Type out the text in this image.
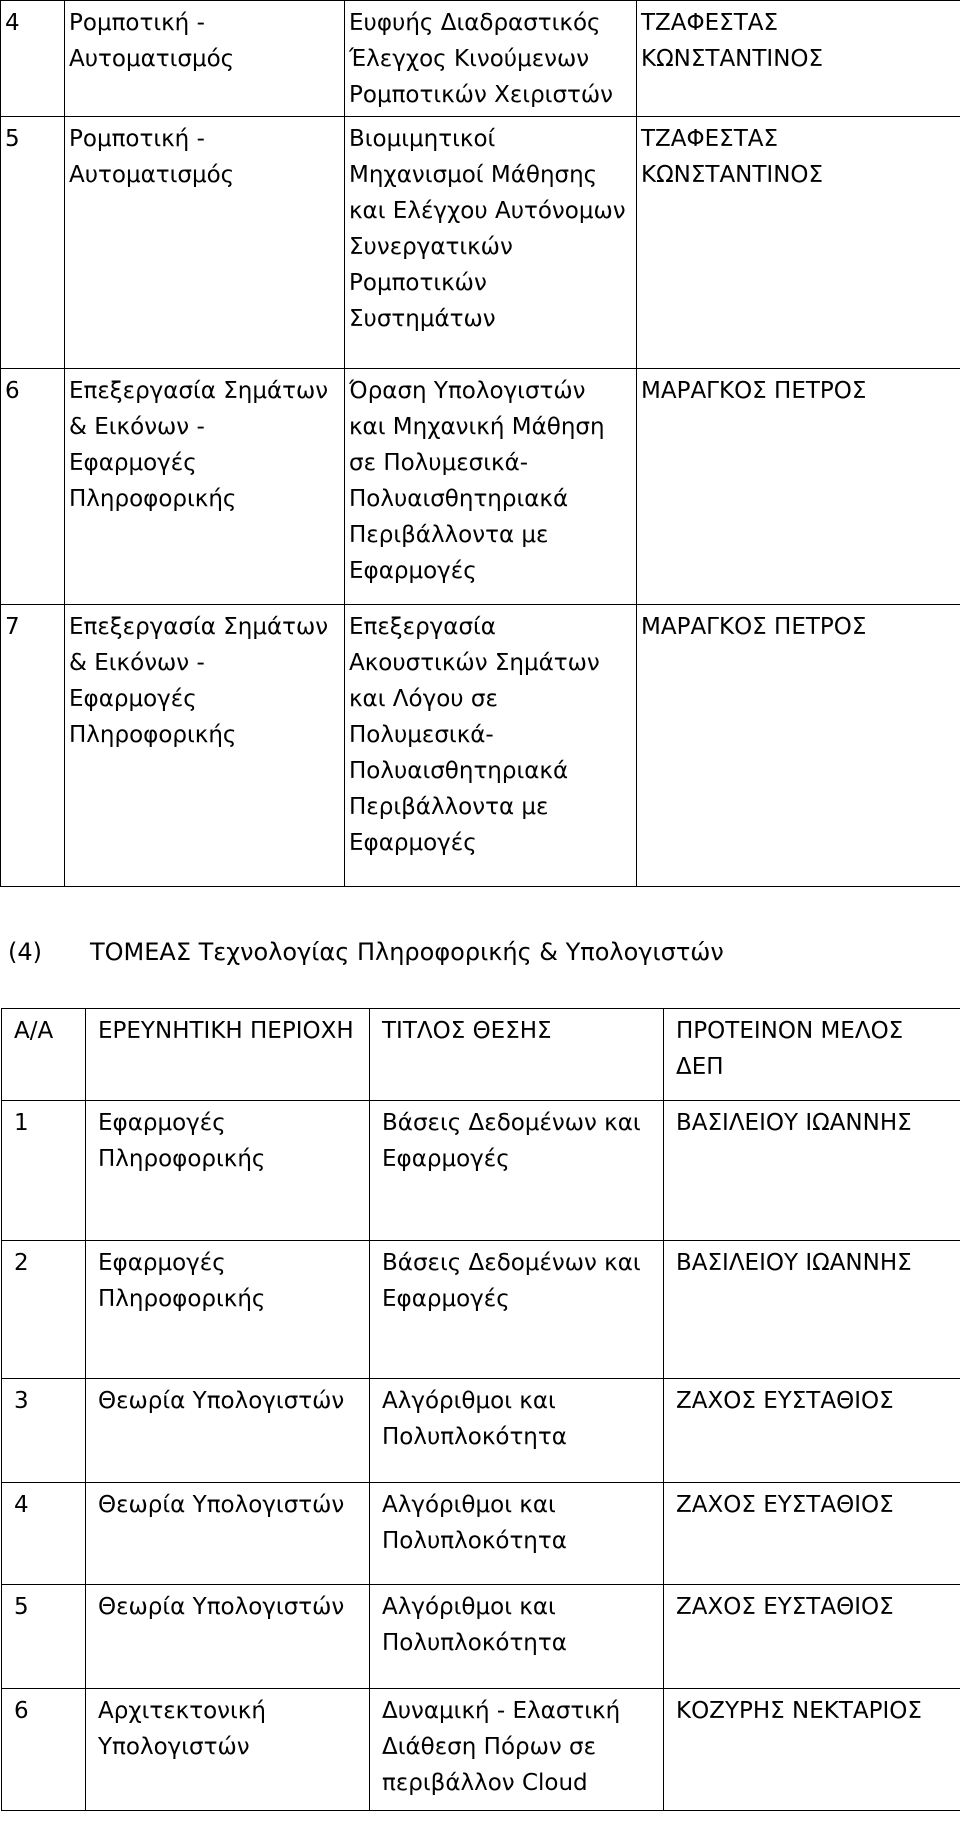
4	Ρομποτική - Αυτοματισμός	Ευφυής Διαδραστικός Έλεγχος Κινούμενων Ρομποτικών Χειριστών	ΤΖΑΦΕΣΤΑΣ ΚΩΝΣΤΑΝΤΙΝΟΣ
5	Ρομποτική - Αυτοματισμός	Βιομιμητικοί Μηχανισμοί Μάθησης και Ελέγχου Αυτόνομων Συνεργατικών Ρομποτικών Συστημάτων	ΤΖΑΦΕΣΤΑΣ ΚΩΝΣΤΑΝΤΙΝΟΣ
6	Επεξεργασία Σημάτων & Εικόνων - Εφαρμογές Πληροφορικής	Όραση Υπολογιστών και Μηχανική Μάθηση σε Πολυμεσικά-Πολυαισθητηριακά Περιβάλλοντα με Εφαρμογές	ΜΑΡΑΓΚΟΣ ΠΕΤΡΟΣ
7	Επεξεργασία Σημάτων & Εικόνων - Εφαρμογές Πληροφορικής	Επεξεργασία Ακουστικών Σημάτων και Λόγου σε Πολυμεσικά-Πολυαισθητηριακά Περιβάλλοντα με Εφαρμογές	ΜΑΡΑΓΚΟΣ ΠΕΤΡΟΣ
(4) ΤΟΜΕΑΣ Τεχνολογίας Πληροφορικής & Υπολογιστών
Α/Α	ΕΡΕΥΝΗΤΙΚΗ ΠΕΡΙΟΧΗ	ΤΙΤΛΟΣ ΘΕΣΗΣ	ΠΡΟΤΕΙΝΟΝ ΜΕΛΟΣ ΔΕΠ
1	Εφαρμογές Πληροφορικής	Βάσεις Δεδομένων και Εφαρμογές	ΒΑΣΙΛΕΙΟΥ ΙΩΑΝΝΗΣ
2	Εφαρμογές Πληροφορικής	Βάσεις Δεδομένων και Εφαρμογές	ΒΑΣΙΛΕΙΟΥ ΙΩΑΝΝΗΣ
3	Θεωρία Υπολογιστών	Αλγόριθμοι και Πολυπλοκότητα	ΖΑΧΟΣ ΕΥΣΤΑΘΙΟΣ
4	Θεωρία Υπολογιστών	Αλγόριθμοι και Πολυπλοκότητα	ΖΑΧΟΣ ΕΥΣΤΑΘΙΟΣ
5	Θεωρία Υπολογιστών	Αλγόριθμοι και Πολυπλοκότητα	ΖΑΧΟΣ ΕΥΣΤΑΘΙΟΣ
6	Αρχιτεκτονική Υπολογιστών	Δυναμική - Ελαστική Διάθεση Πόρων σε περιβάλλον Cloud	ΚΟΖΥΡΗΣ ΝΕΚΤΑΡΙΟΣ
